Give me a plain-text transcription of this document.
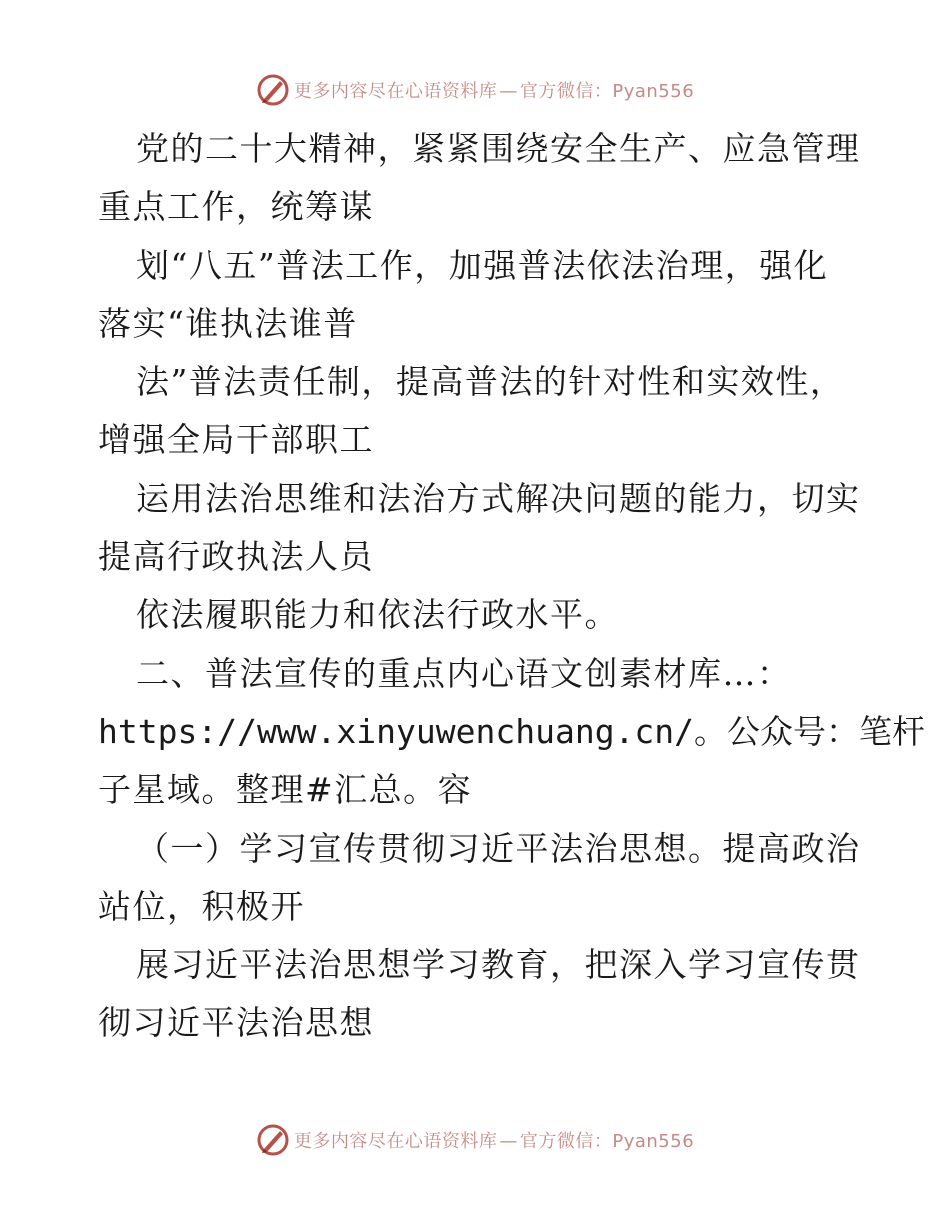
更多内容尽在心语资料库 — 官方微信：Pyan556
党的二十大精神，紧紧围绕安全生产、应急管理
重点工作，统筹谋
划“八五”普法工作，加强普法依法治理，强化
落实“谁执法谁普
法”普法责任制，提高普法的针对性和实效性，
增强全局干部职工
运用法治思维和法治方式解决问题的能力，切实
提高行政执法人员
依法履职能力和依法行政水平。
二、普法宣传的重点内心语文创素材库…：
https://www.xinyuwenchuang.cn/。公众号：笔杆
子星域。整理#汇总。容
（一）学习宣传贯彻习近平法治思想。提高政治
站位，积极开
展习近平法治思想学习教育，把深入学习宣传贯
彻习近平法治思想
更多内容尽在心语资料库 — 官方微信：Pyan556
